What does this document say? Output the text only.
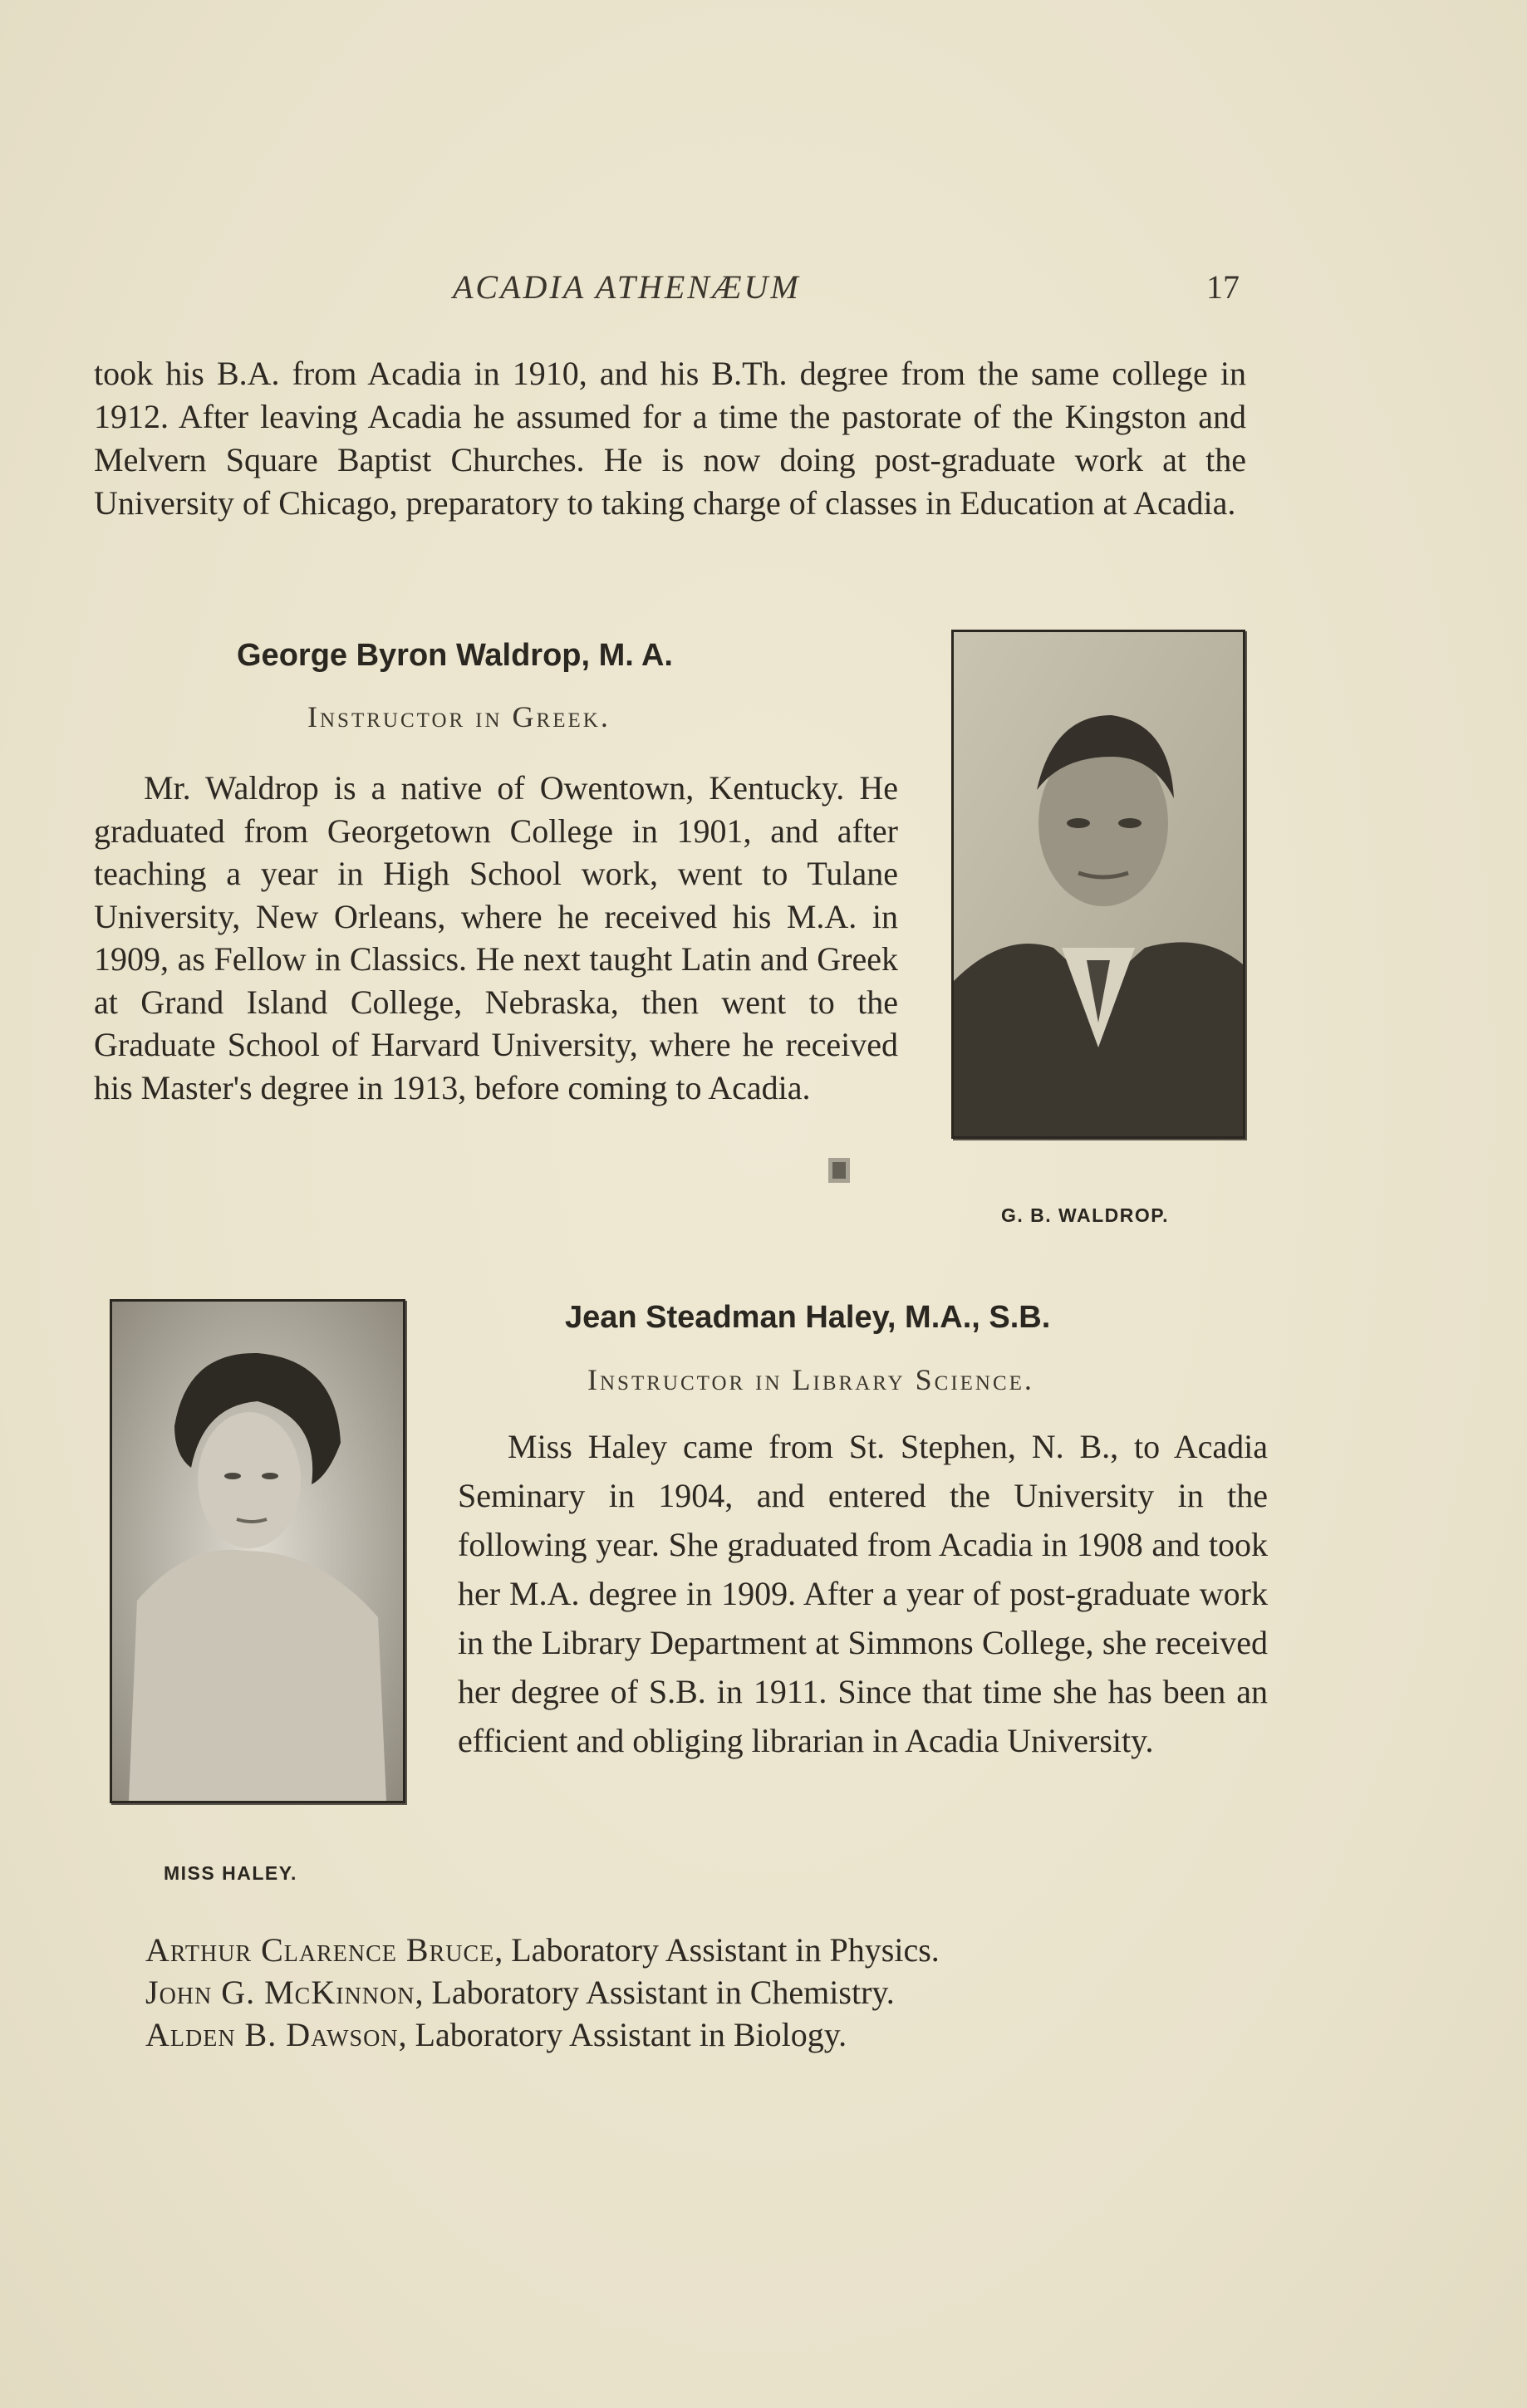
ACADIA ATHENÆUM	17

took his B.A. from Acadia in 1910, and his B.Th. degree from the same college in 1912. After leaving Acadia he assumed for a time the pastorate of the Kingston and Melvern Square Baptist Churches. He is now doing post-graduate work at the University of Chicago, preparatory to taking charge of classes in Education at Acadia.

George Byron Waldrop, M. A.
Instructor in Greek.

Mr. Waldrop is a native of Owentown, Kentucky. He graduated from Georgetown College in 1901, and after teaching a year in High School work, went to Tulane University, New Orleans, where he received his M.A. in 1909, as Fellow in Classics. He next taught Latin and Greek at Grand Island College, Nebraska, then went to the Graduate School of Harvard University, where he received his Master's degree in 1913, before coming to Acadia.

G. B. WALDROP.
MISS HALEY.
Jean Steadman Haley, M.A., S.B.
Instructor in Library Science.

Miss Haley came from St. Stephen, N. B., to Acadia Seminary in 1904, and entered the University in the following year. She graduated from Acadia in 1908 and took her M.A. degree in 1909. After a year of post-graduate work in the Library Department at Simmons College, she received her degree of S.B. in 1911. Since that time she has been an efficient and obliging librarian in Acadia University.

Arthur Clarence Bruce, Laboratory Assistant in Physics.
John G. McKinnon, Laboratory Assistant in Chemistry.
Alden B. Dawson, Laboratory Assistant in Biology.
